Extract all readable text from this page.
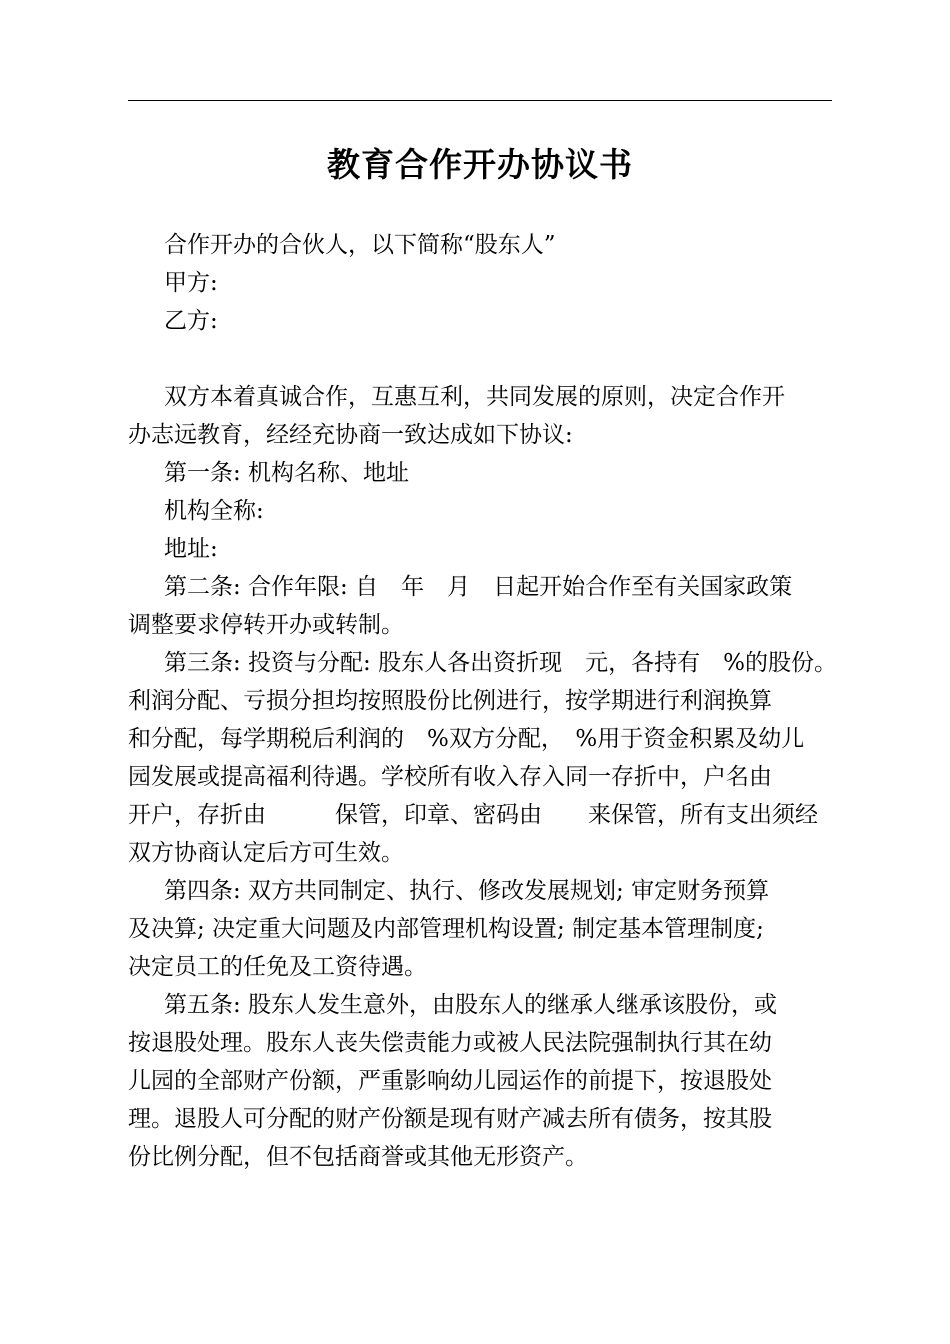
教育合作开办协议书
合作开办的合伙人，以下简称“股东人”
甲方:
乙方:
双方本着真诚合作，互惠互利，共同发展的原则，决定合作开
办志远教育，经经充协商一致达成如下协议:
第一条: 机构名称、地址
机构全称:
地址:
第二条: 合作年限: 自　年　月　日起开始合作至有关国家政策
调整要求停转开办或转制。
第三条: 投资与分配: 股东人各出资折现　元，各持有　%的股份。
利润分配、亏损分担均按照股份比例进行，按学期进行利润换算
和分配，每学期税后利润的　%双方分配，　%用于资金积累及幼儿
园发展或提高福利待遇。学校所有收入存入同一存折中，户名由
开户，存折由　　　保管，印章、密码由　　来保管，所有支出须经
双方协商认定后方可生效。
第四条: 双方共同制定、执行、修改发展规划; 审定财务预算
及决算; 决定重大问题及内部管理机构设置; 制定基本管理制度;
决定员工的任免及工资待遇。
第五条: 股东人发生意外，由股东人的继承人继承该股份，或
按退股处理。股东人丧失偿责能力或被人民法院强制执行其在幼
儿园的全部财产份额，严重影响幼儿园运作的前提下，按退股处
理。退股人可分配的财产份额是现有财产减去所有债务，按其股
份比例分配，但不包括商誉或其他无形资产。
